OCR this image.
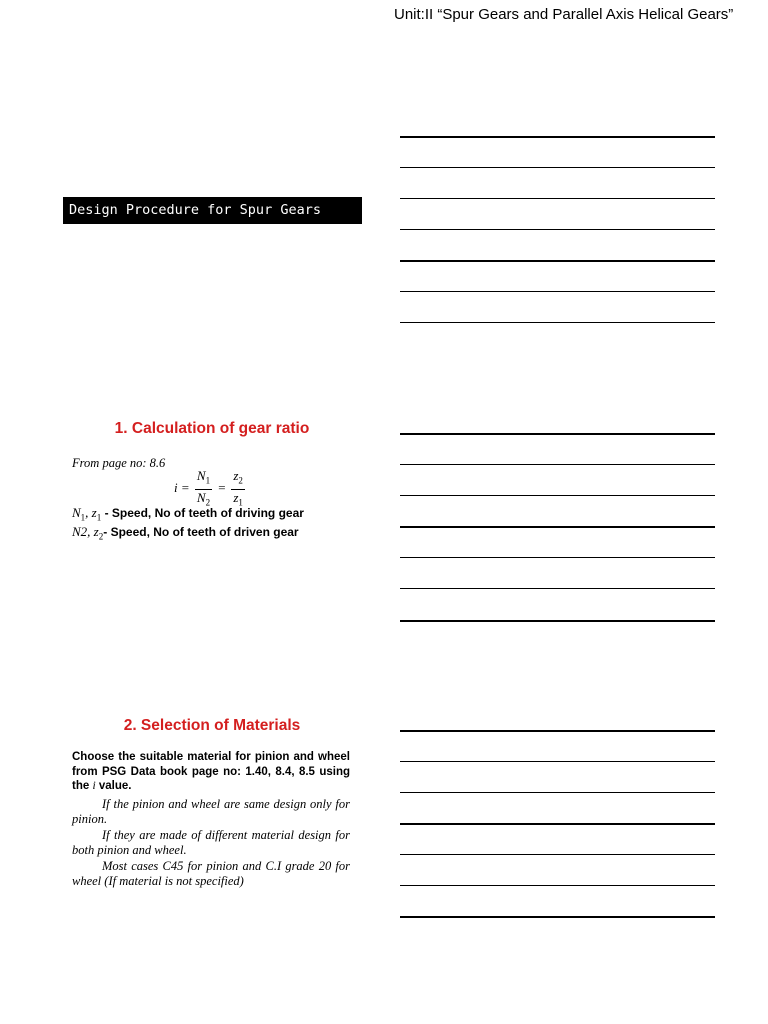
Unit:II “Spur Gears and Parallel Axis Helical Gears”
Design Procedure for Spur Gears
1. Calculation of gear ratio
From page no: 8.6
$i = \frac{N_1}{N_2} = \frac{z_2}{z_1}$
$N_1$, $z_1$ - Speed, No of teeth of driving gear
N2, $z_2-$ Speed, No of teeth of driven gear
2. Selection of Materials
Choose the suitable material for pinion and wheel from PSG Data book page no: 1.40, 8.4, 8.5 using the i value.
If the pinion and wheel are same design only for pinion.
If they are made of different material design for both pinion and wheel.
Most cases C45 for pinion and C.I grade 20 for wheel (If material is not specified)
